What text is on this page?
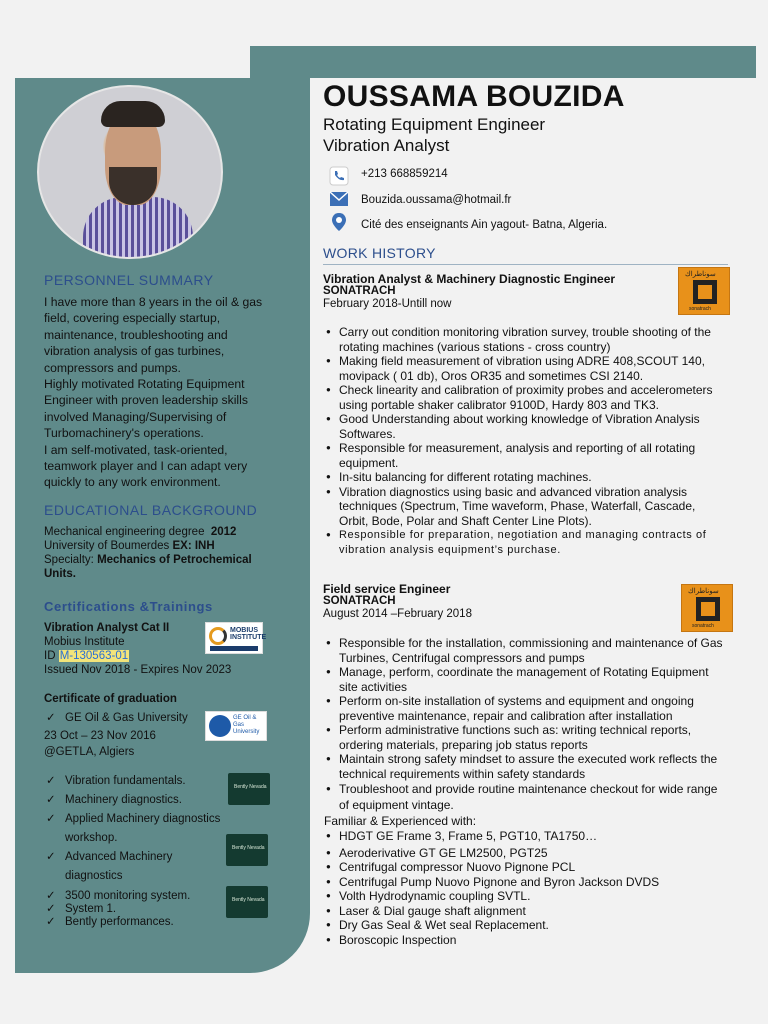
PERSONNEL SUMMARY

I have more than 8 years in the oil & gas field, covering especially startup, maintenance, troubleshooting and vibration analysis of gas turbines, compressors and pumps.

Highly motivated Rotating Equipment Engineer with proven leadership skills involved Managing/Supervising of Turbomachinery's operations.

I am self-motivated, task-oriented, teamwork player and I can adapt very quickly to any work environment.

EDUCATIONAL BACKGROUND
Mechanical engineering degree 2012
University of Boumerdes EX: INH
Specialty: Mechanics of Petrochemical Units.
Certifications &Trainings
Vibration Analyst Cat II
Mobius Institute
ID M-130563-01
Issued Nov 2018 - Expires Nov 2023
MOBIUS INSTITUTE
Certificate of graduation
✓ GE Oil & Gas University
23 Oct – 23 Nov 2016
@GETLA, Algiers
GE Oil & Gas University
✓ Vibration fundamentals.
✓ Machinery diagnostics.
✓ Applied Machinery diagnostics workshop.
✓ Advanced Machinery diagnostics
✓ 3500 monitoring system.
✓ System 1.
✓ Bently performances.
Bently Nevada
Bently Nevada
Bently Nevada
OUSSAMA BOUZIDA
Rotating Equipment Engineer
Vibration Analyst
+213 668859214
Bouzida.oussama@hotmail.fr
Cité des enseignants Ain yagout- Batna, Algeria.
WORK HISTORY
Vibration Analyst & Machinery Diagnostic Engineer
SONATRACH
February 2018-Untill now
سوناطراك
sonatrach
● Carry out condition monitoring vibration survey, trouble shooting of the rotating machines (various stations - cross country)
● Making field measurement of vibration using ADRE 408,SCOUT 140, movipack ( 01 db), Oros OR35 and sometimes CSI 2140.
● Check linearity and calibration of proximity probes and accelerometers using portable shaker calibrator 9100D, Hardy 803 and TK3.
● Good Understanding about working knowledge of Vibration Analysis Softwares.
● Responsible for measurement, analysis and reporting of all rotating equipment.
● In-situ balancing for different rotating machines.
● Vibration diagnostics using basic and advanced vibration analysis techniques (Spectrum, Time waveform, Phase, Waterfall, Cascade, Orbit, Bode, Polar and Shaft Center Line Plots).
● Responsible for preparation, negotiation and managing contracts of vibration analysis equipment’s purchase.
Field service Engineer
SONATRACH
August 2014 –February 2018
سوناطراك
sonatrach
● Responsible for the installation, commissioning and maintenance of Gas Turbines, Centrifugal compressors and pumps
● Manage, perform, coordinate the management of Rotating Equipment site activities
● Perform on-site installation of systems and equipment and ongoing preventive maintenance, repair and calibration after installation
● Perform administrative functions such as: writing technical reports, ordering materials, preparing job status reports
● Maintain strong safety mindset to assure the executed work reflects the technical requirements within safety standards
● Troubleshoot and provide routine maintenance checkout for wide range of equipment vintage.
Familiar & Experienced with:
● HDGT GE Frame 3, Frame 5, PGT10, TA1750…
● Aeroderivative GT GE LM2500, PGT25
● Centrifugal compressor Nuovo Pignone PCL
● Centrifugal Pump Nuovo Pignone and Byron Jackson DVDS
● Volth Hydrodynamic coupling SVTL.
● Laser & Dial gauge shaft alignment
● Dry Gas Seal & Wet seal Replacement.
● Boroscopic Inspection
